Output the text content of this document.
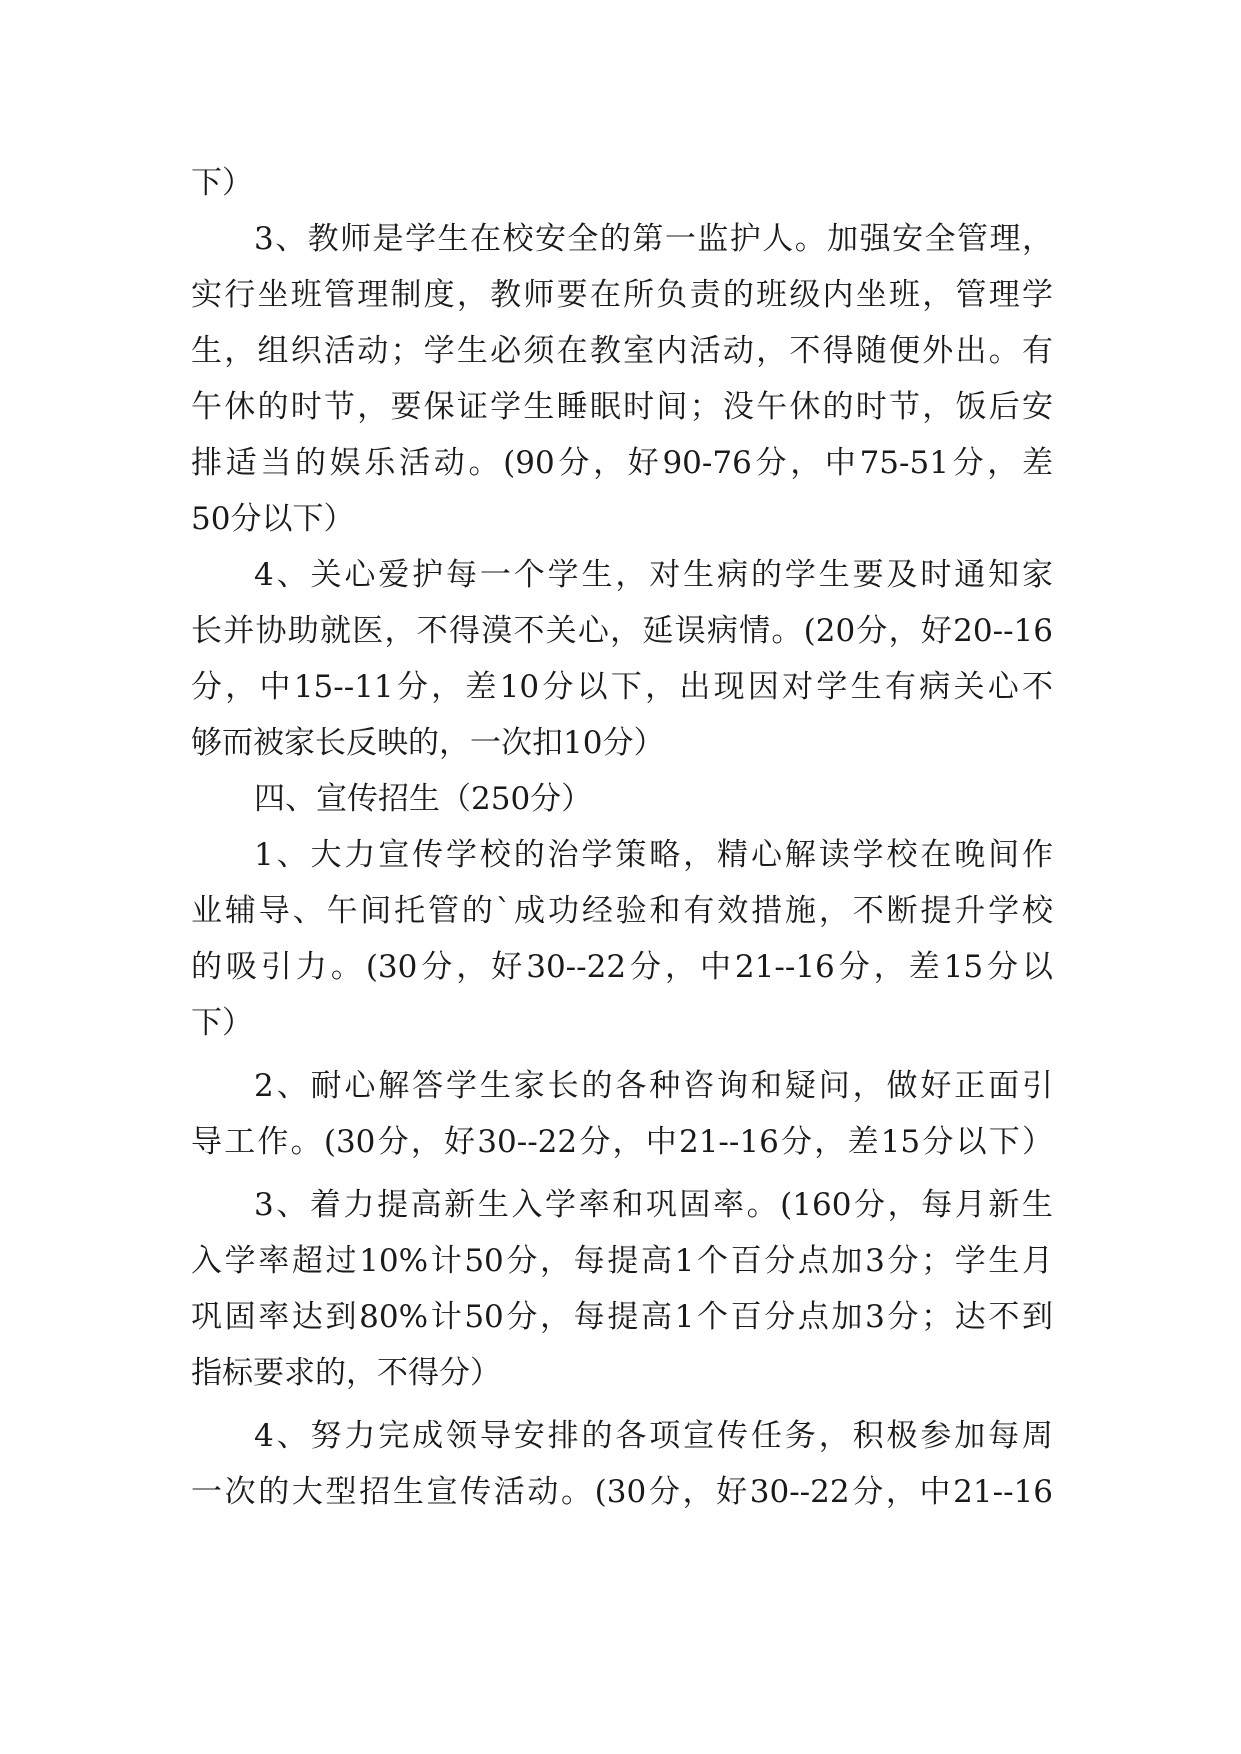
下）
3、教师是学生在校安全的第一监护人。加强安全管理，
实行坐班管理制度，教师要在所负责的班级内坐班，管理学
生，组织活动；学生必须在教室内活动，不得随便外出。有
午休的时节，要保证学生睡眠时间；没午休的时节，饭后安
排适当的娱乐活动。(90分，好90-76分，中75-51分，差
50分以下）
4、关心爱护每一个学生，对生病的学生要及时通知家
长并协助就医，不得漠不关心，延误病情。(20分，好20--16
分，中15--11分，差10分以下，出现因对学生有病关心不
够而被家长反映的，一次扣10分）
四、宣传招生（250分）
1、大力宣传学校的治学策略，精心解读学校在晚间作
业辅导、午间托管的`成功经验和有效措施，不断提升学校
的吸引力。(30分，好30--22分，中21--16分，差15分以
下）
2、耐心解答学生家长的各种咨询和疑问，做好正面引
导工作。(30分，好30--22分，中21--16分，差15分以下）
3、着力提高新生入学率和巩固率。(160分，每月新生
入学率超过10%计50分，每提高1个百分点加3分；学生月
巩固率达到80%计50分，每提高1个百分点加3分；达不到
指标要求的，不得分）
4、努力完成领导安排的各项宣传任务，积极参加每周
一次的大型招生宣传活动。(30分，好30--22分，中21--16
